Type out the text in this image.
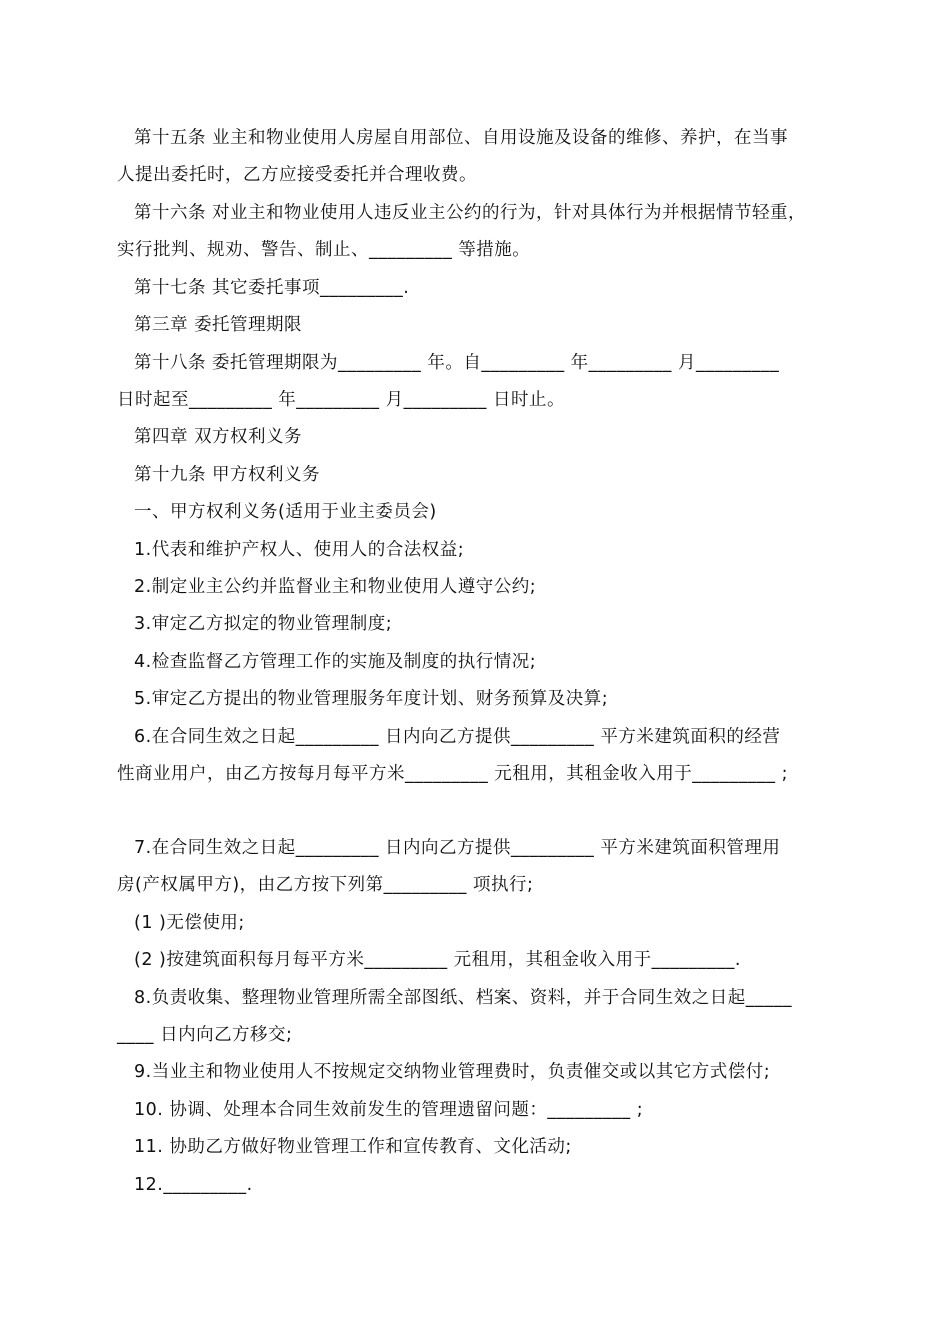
第十五条 业主和物业使用人房屋自用部位、自用设施及设备的维修、养护，在当事
人提出委托时，乙方应接受委托并合理收费。
第十六条 对业主和物业使用人违反业主公约的行为，针对具体行为并根据情节轻重，
实行批判、规劝、警告、制止、_________ 等措施。
第十七条 其它委托事项_________.
第三章 委托管理期限
第十八条 委托管理期限为_________ 年。自_________ 年_________ 月_________
日时起至_________ 年_________ 月_________ 日时止。
第四章 双方权利义务
第十九条 甲方权利义务
一、甲方权利义务(适用于业主委员会)
1.代表和维护产权人、使用人的合法权益;
2.制定业主公约并监督业主和物业使用人遵守公约;
3.审定乙方拟定的物业管理制度;
4.检查监督乙方管理工作的实施及制度的执行情况;
5.审定乙方提出的物业管理服务年度计划、财务预算及决算;
6.在合同生效之日起_________ 日内向乙方提供_________ 平方米建筑面积的经营
性商业用户，由乙方按每月每平方米_________ 元租用，其租金收入用于_________ ;
7.在合同生效之日起_________ 日内向乙方提供_________ 平方米建筑面积管理用
房(产权属甲方)，由乙方按下列第_________ 项执行;
(1 )无偿使用;
(2 )按建筑面积每月每平方米_________ 元租用，其租金收入用于_________.
8.负责收集、整理物业管理所需全部图纸、档案、资料，并于合同生效之日起_____
____ 日内向乙方移交;
9.当业主和物业使用人不按规定交纳物业管理费时，负责催交或以其它方式偿付;
10. 协调、处理本合同生效前发生的管理遗留问题：_________ ;
11. 协助乙方做好物业管理工作和宣传教育、文化活动;
12._________.
